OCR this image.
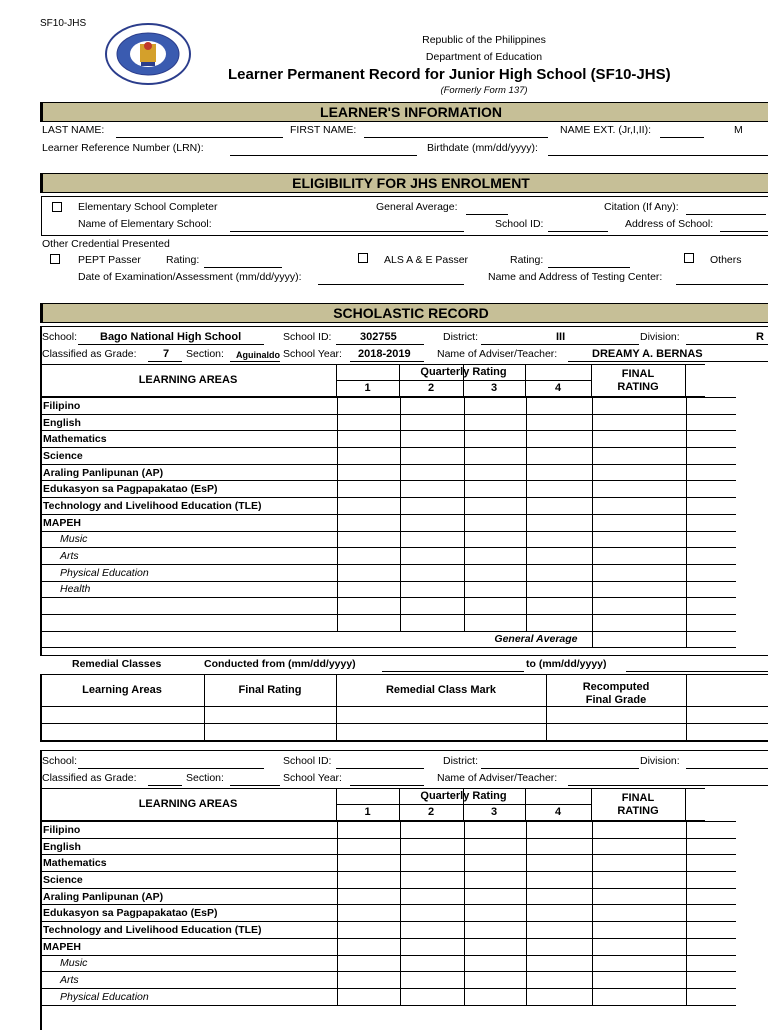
SF10-JHS
Republic of the Philippines
Department of Education
Learner Permanent Record for Junior High School (SF10-JHS)
(Formerly Form 137)
LEARNER'S INFORMATION
LAST NAME:	FIRST NAME:	NAME EXT. (Jr,I,II):	M
Learner Reference Number (LRN):	Birthdate (mm/dd/yyyy):
ELIGIBILITY FOR JHS ENROLMENT
Elementary School Completer	General Average:	Citation (If Any):
Name of Elementary School:	School ID:	Address of School:
Other Credential Presented
PEPT Passer Rating:	ALS A & E Passer	Rating:	Others
Date of Examination/Assessment (mm/dd/yyyy):	Name and Address of Testing Center:
SCHOLASTIC RECORD
School: Bago National High School	School ID:	302755	District:	III	Division:	R
Classified as Grade: 7 Section: Aguinaldo School Year: 2018-2019	Name of Adviser/Teacher:	DREAMY A. BERNAS
LEARNING AREAS
Quarterly Rating
1	2	3	4
FINAL
RATING
Filipino						
English						
Mathematics						
Science						
Araling Panlipunan (AP)						
Edukasyon sa Pagpapakatao (EsP)						
Technology and Livelihood Education (TLE)						
MAPEH						
Music						
Arts						
Physical Education						
Health						

General Average						
Remedial Classes	Conducted from (mm/dd/yyyy)	to (mm/dd/yyyy)
Learning Areas	Final Rating	Remedial Class Mark	Recomputed
Final Grade
School:	School ID:	District:	Division:
Classified as Grade:	Section:	School Year:	Name of Adviser/Teacher:
LEARNING AREAS
Quarterly Rating
1	2	3	4
FINAL
RATING
Filipino						
English						
Mathematics						
Science						
Araling Panlipunan (AP)						
Edukasyon sa Pagpapakatao (EsP)						
Technology and Livelihood Education (TLE)						
MAPEH						
Music						
Arts						
Physical Education						
